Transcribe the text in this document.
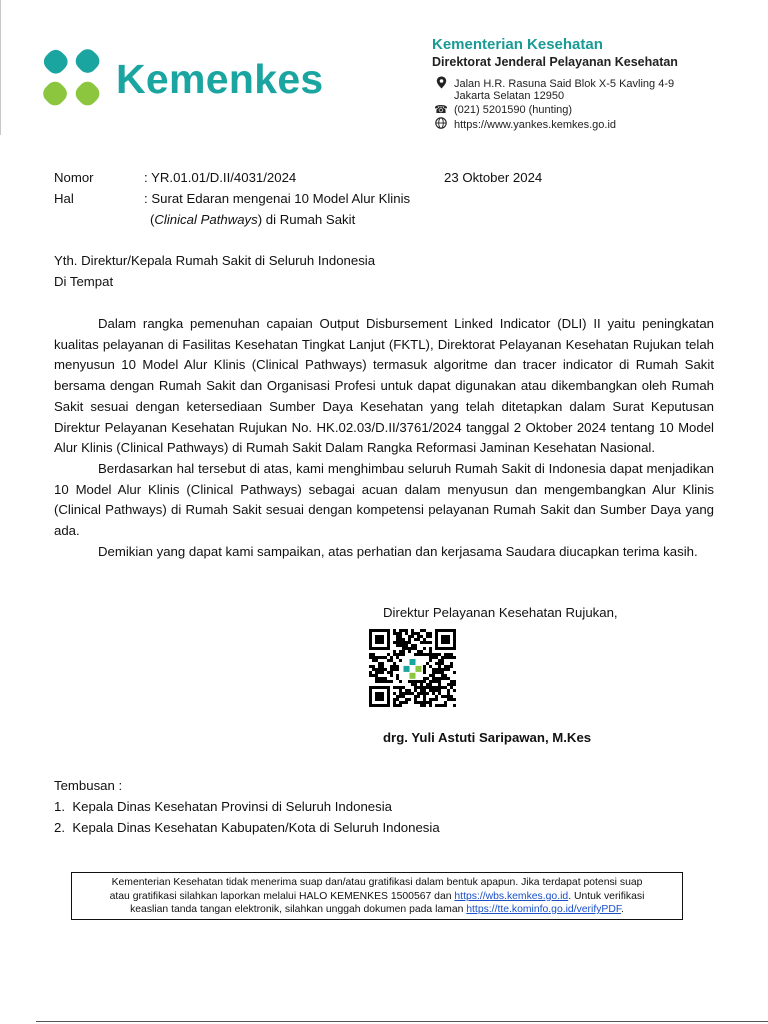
Kemenkes
Kementerian Kesehatan
Direktorat Jenderal Pelayanan Kesehatan
Jalan H.R. Rasuna Said Blok X-5 Kavling 4-9
Jakarta Selatan 12950
☎ (021) 5201590 (hunting)
https://www.yankes.kemkes.go.id
Nomor	: YR.01.01/D.II/4031/2024	23 Oktober 2024
Hal	: Surat Edaran mengenai 10 Model Alur Klinis
(Clinical Pathways) di Rumah Sakit
Yth. Direktur/Kepala Rumah Sakit di Seluruh Indonesia
Di Tempat

Dalam rangka pemenuhan capaian Output Disbursement Linked Indicator (DLI) II yaitu peningkatan kualitas pelayanan di Fasilitas Kesehatan Tingkat Lanjut (FKTL), Direktorat Pelayanan Kesehatan Rujukan telah menyusun 10 Model Alur Klinis (Clinical Pathways) termasuk algoritme dan tracer indicator di Rumah Sakit bersama dengan Rumah Sakit dan Organisasi Profesi untuk dapat digunakan atau dikembangkan oleh Rumah Sakit sesuai dengan ketersediaan Sumber Daya Kesehatan yang telah ditetapkan dalam Surat Keputusan Direktur Pelayanan Kesehatan Rujukan No. HK.02.03/D.II/3761/2024 tanggal 2 Oktober 2024 tentang 10 Model Alur Klinis (Clinical Pathways) di Rumah Sakit Dalam Rangka Reformasi Jaminan Kesehatan Nasional.

Berdasarkan hal tersebut di atas, kami menghimbau seluruh Rumah Sakit di Indonesia dapat menjadikan 10 Model Alur Klinis (Clinical Pathways) sebagai acuan dalam menyusun dan mengembangkan Alur Klinis (Clinical Pathways) di Rumah Sakit sesuai dengan kompetensi pelayanan Rumah Sakit dan Sumber Daya yang ada.

Demikian yang dapat kami sampaikan, atas perhatian dan kerjasama Saudara diucapkan terima kasih.

Direktur Pelayanan Kesehatan Rujukan,
drg. Yuli Astuti Saripawan, M.Kes
Tembusan :
1. Kepala Dinas Kesehatan Provinsi di Seluruh Indonesia
2. Kepala Dinas Kesehatan Kabupaten/Kota di Seluruh Indonesia
Kementerian Kesehatan tidak menerima suap dan/atau gratifikasi dalam bentuk apapun. Jika terdapat potensi suap
atau gratifikasi silahkan laporkan melalui HALO KEMENKES 1500567 dan https://wbs.kemkes.go.id. Untuk verifikasi
keaslian tanda tangan elektronik, silahkan unggah dokumen pada laman https://tte.kominfo.go.id/verifyPDF.
